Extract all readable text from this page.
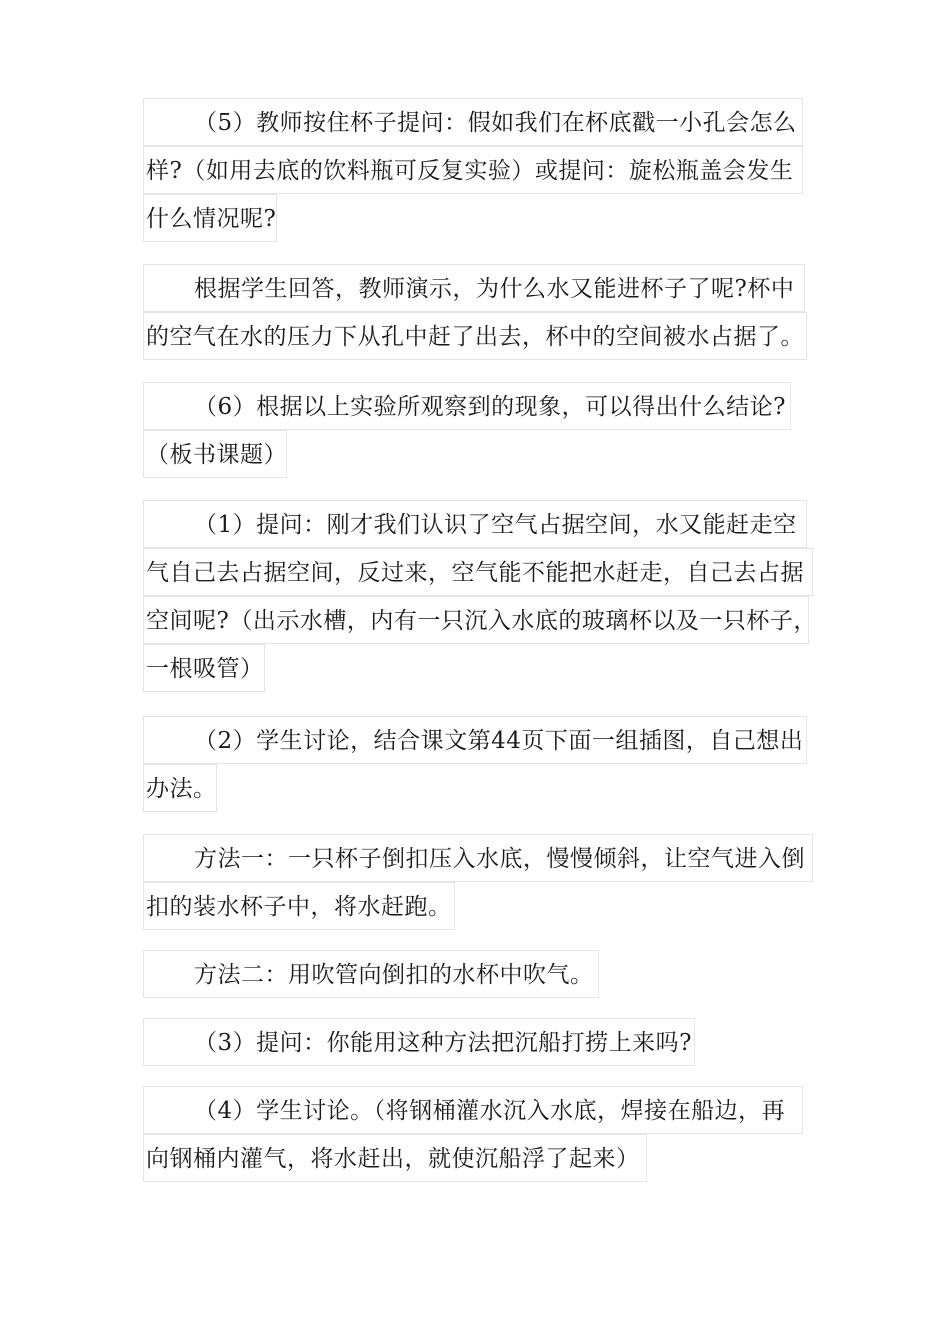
（5）教师按住杯子提问：假如我们在杯底戳一小孔会怎么
样?（如用去底的饮料瓶可反复实验）或提问：旋松瓶盖会发生
什么情况呢?
根据学生回答，教师演示，为什么水又能进杯子了呢?杯中
的空气在水的压力下从孔中赶了出去，杯中的空间被水占据了。
（6）根据以上实验所观察到的现象，可以得出什么结论?
（板书课题）
（1）提问：刚才我们认识了空气占据空间，水又能赶走空
气自己去占据空间，反过来，空气能不能把水赶走，自己去占据
空间呢?（出示水槽，内有一只沉入水底的玻璃杯以及一只杯子，
一根吸管）
（2）学生讨论，结合课文第44页下面一组插图，自己想出
办法。
方法一：一只杯子倒扣压入水底，慢慢倾斜，让空气进入倒
扣的装水杯子中，将水赶跑。
方法二：用吹管向倒扣的水杯中吹气。
（3）提问：你能用这种方法把沉船打捞上来吗?
（4）学生讨论。（将钢桶灌水沉入水底，焊接在船边，再
向钢桶内灌气，将水赶出，就使沉船浮了起来）
